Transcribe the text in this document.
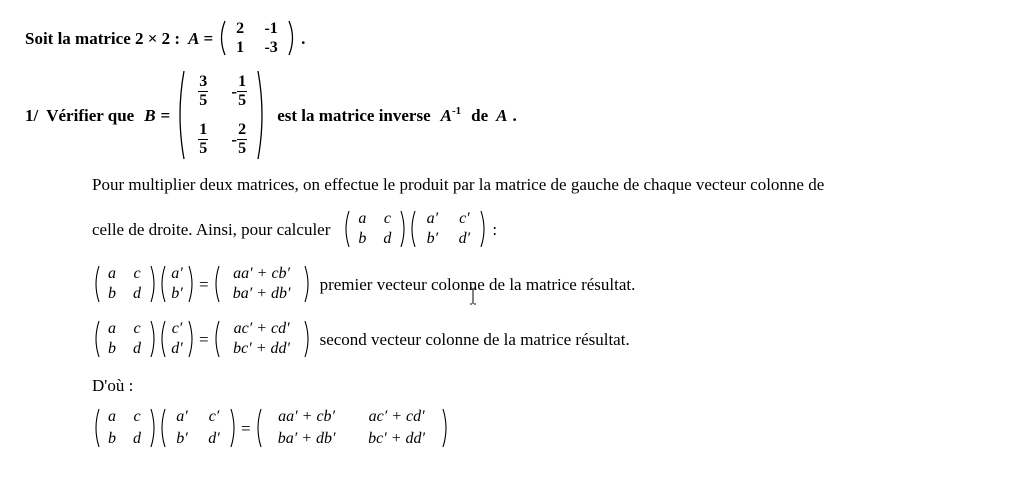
Soit la matrice 2 × 2 : A =	2	-1
1	-3	.
1/ Vérifier que B =
$\frac{3}{5} - \frac{1}{5}$
$\frac{1}{5} - \frac{2}{5}$
est la matrice inverse $A^{-1}$ de A .
Pour multiplier deux matrices, on effectue le produit par la matrice de gauche de chaque vecteur colonne de
celle de droite. Ainsi, pour calculer
a	c
b	d
a′	c′
b′	d′	:
a	c
b	d
a′
b′ =
aa′ + cb′
ba′ + db′	premier vecteur colonne de la matrice résultat.
a	c
b	d
c′
d′ =
ac′ + cd′
bc′ + dd′	second vecteur colonne de la matrice résultat.
D'où :
a	c
b	d
a′	c′
b′	d′
=
aa′ + cb′	ac′ + cd′
ba′ + db′	bc′ + dd′
